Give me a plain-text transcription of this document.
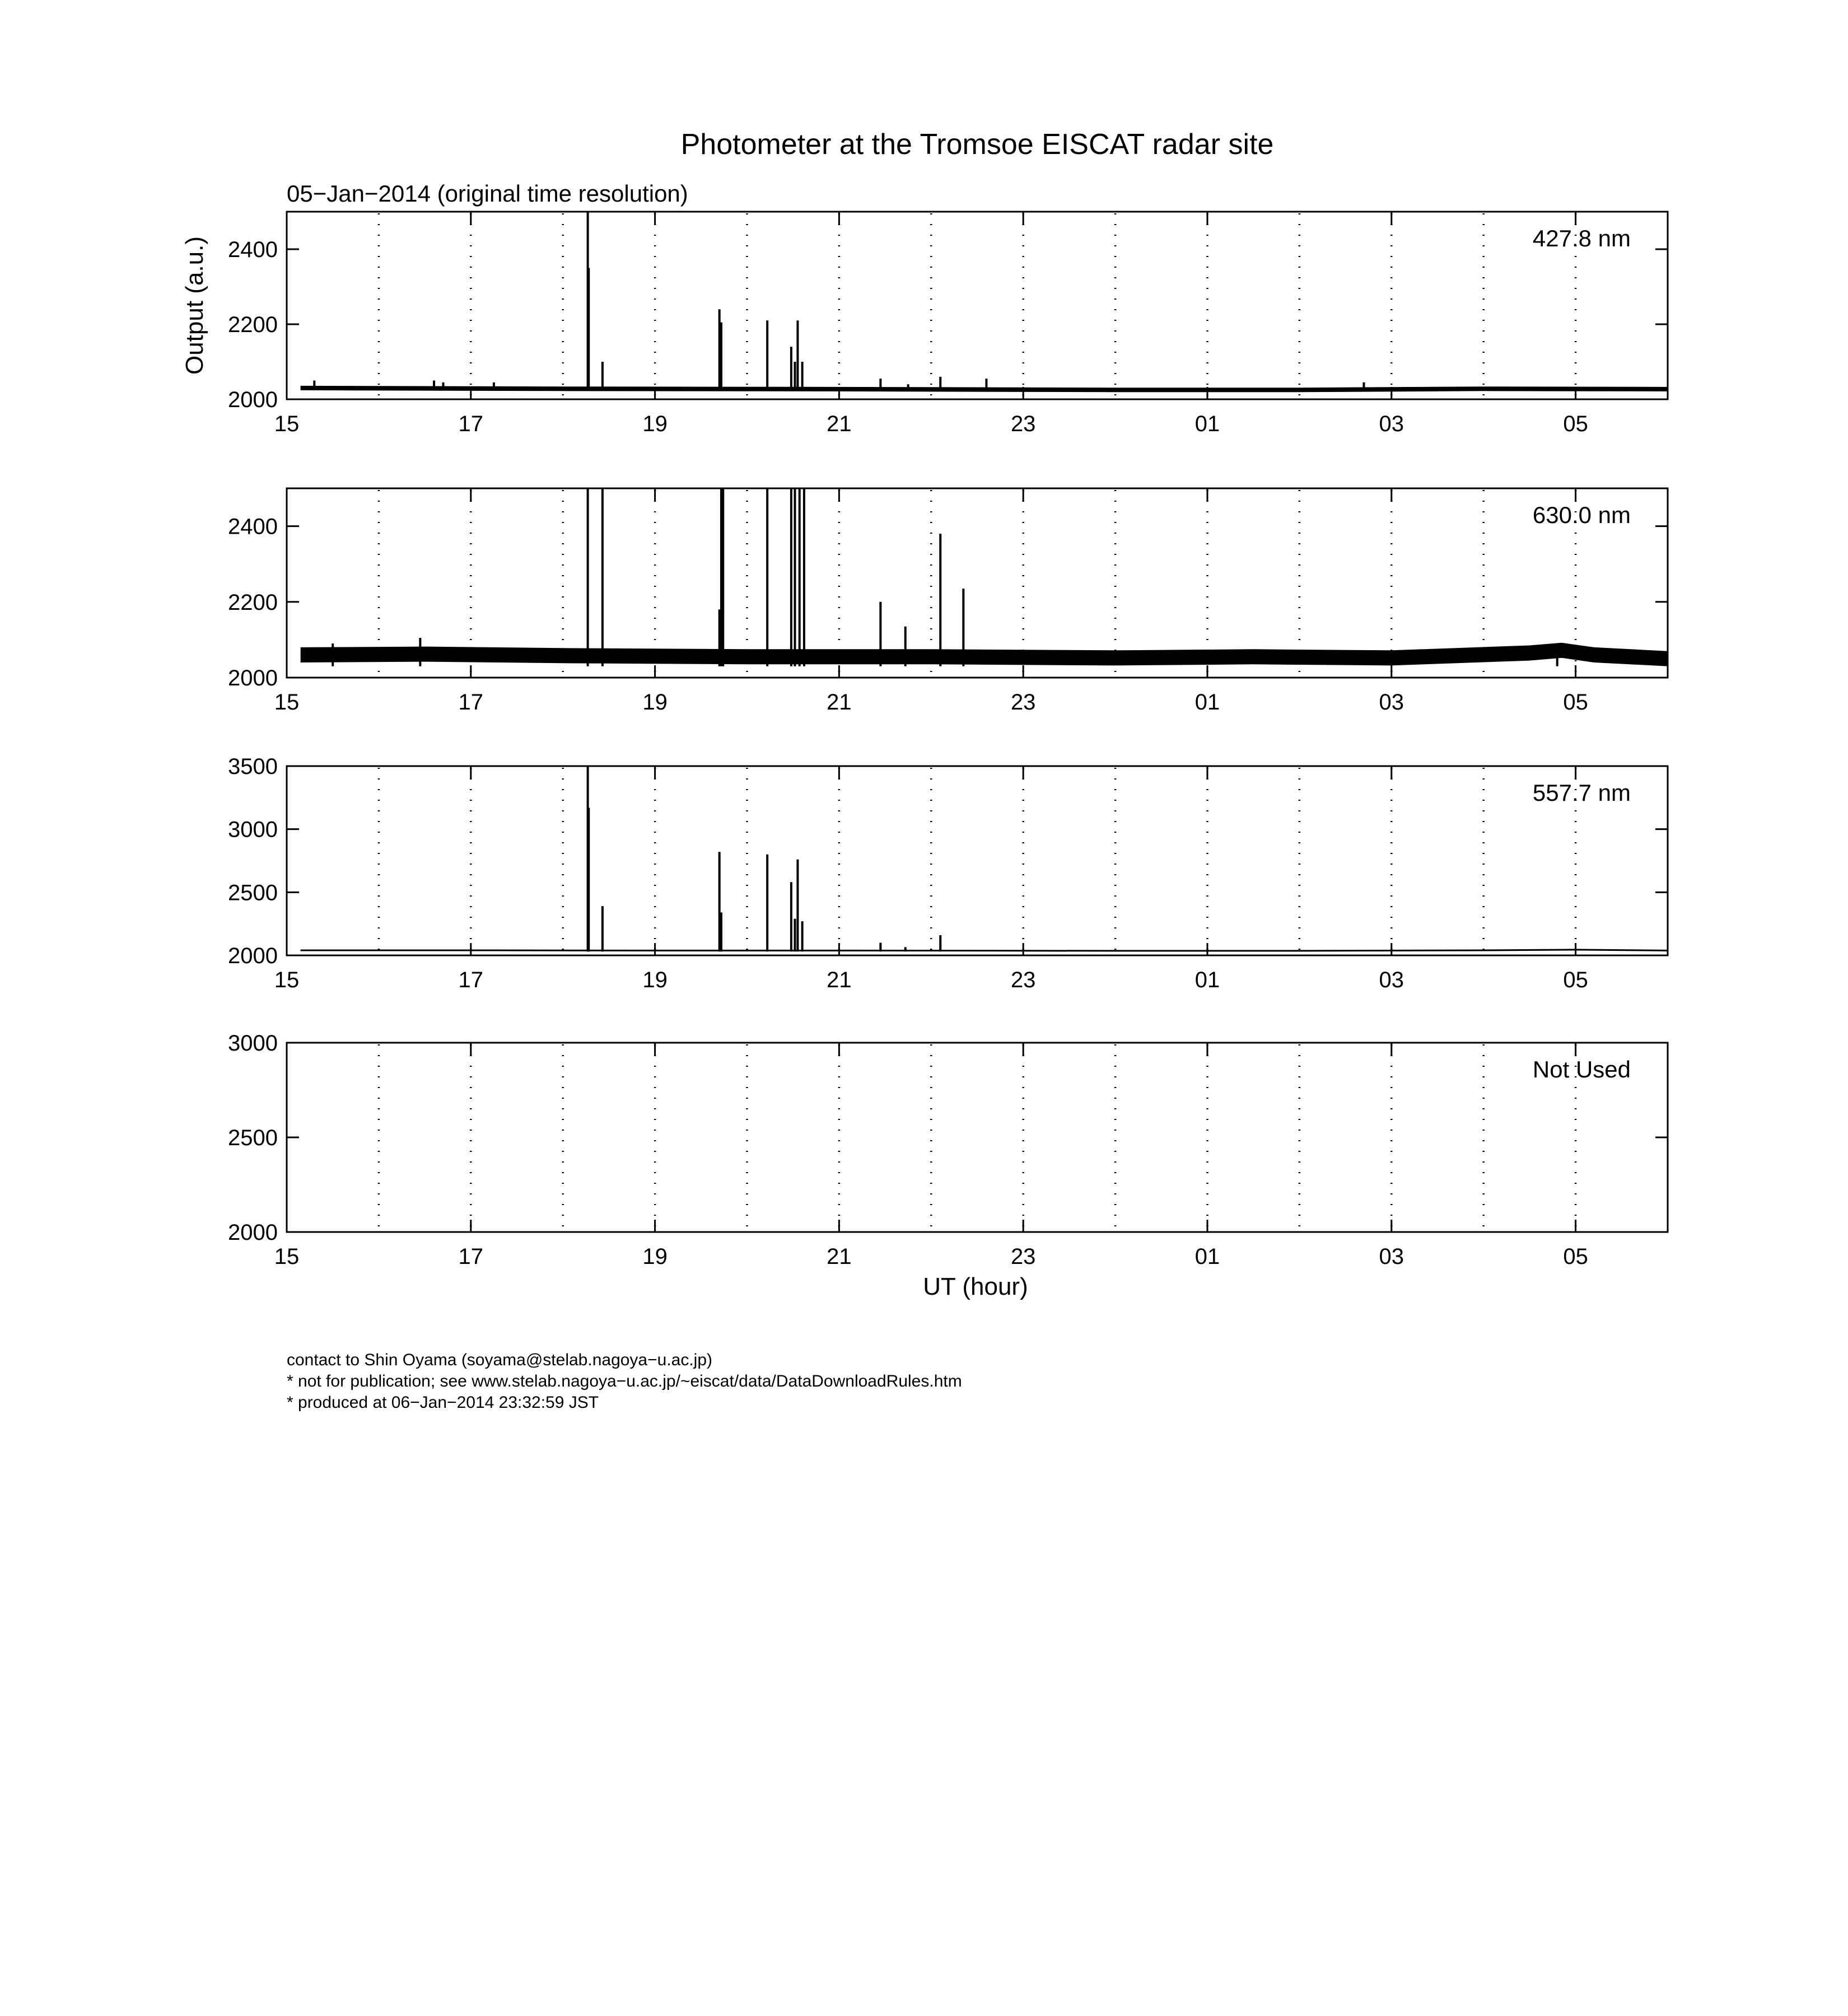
Photometer at the Tromsoe EISCAT radar site
05−Jan−2014 (original time resolution)
2000
2200
2400
15	17	19	21	23	01	03	05
427.8 nm
Output (a.u.)
2000
2200
2400
15	17	19	21	23	01	03	05
630.0 nm
2000
2500
3000
3500
15	17	19	21	23	01	03	05
557.7 nm
2000
2500
3000
15	17	19	21	23	01	03	05
Not Used
UT (hour)
contact to Shin Oyama (soyama@stelab.nagoya−u.ac.jp)
* not for publication; see www.stelab.nagoya−u.ac.jp/~eiscat/data/DataDownloadRules.htm
* produced at 06−Jan−2014 23:32:59 JST
